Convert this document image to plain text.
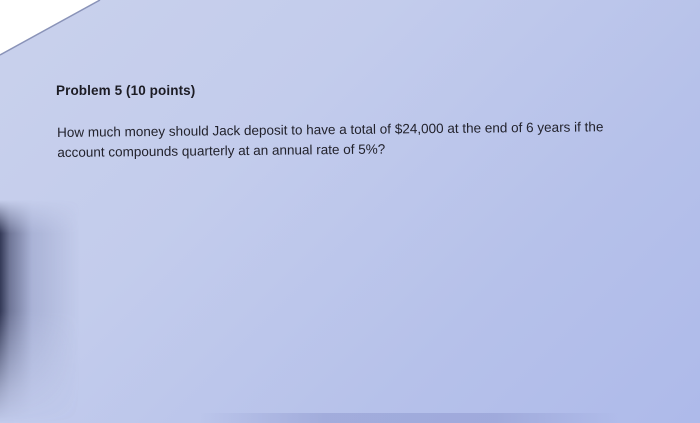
Problem 5 (10 points)
How much money should Jack deposit to have a total of $24,000 at the end of 6 years if the
account compounds quarterly at an annual rate of 5%?
